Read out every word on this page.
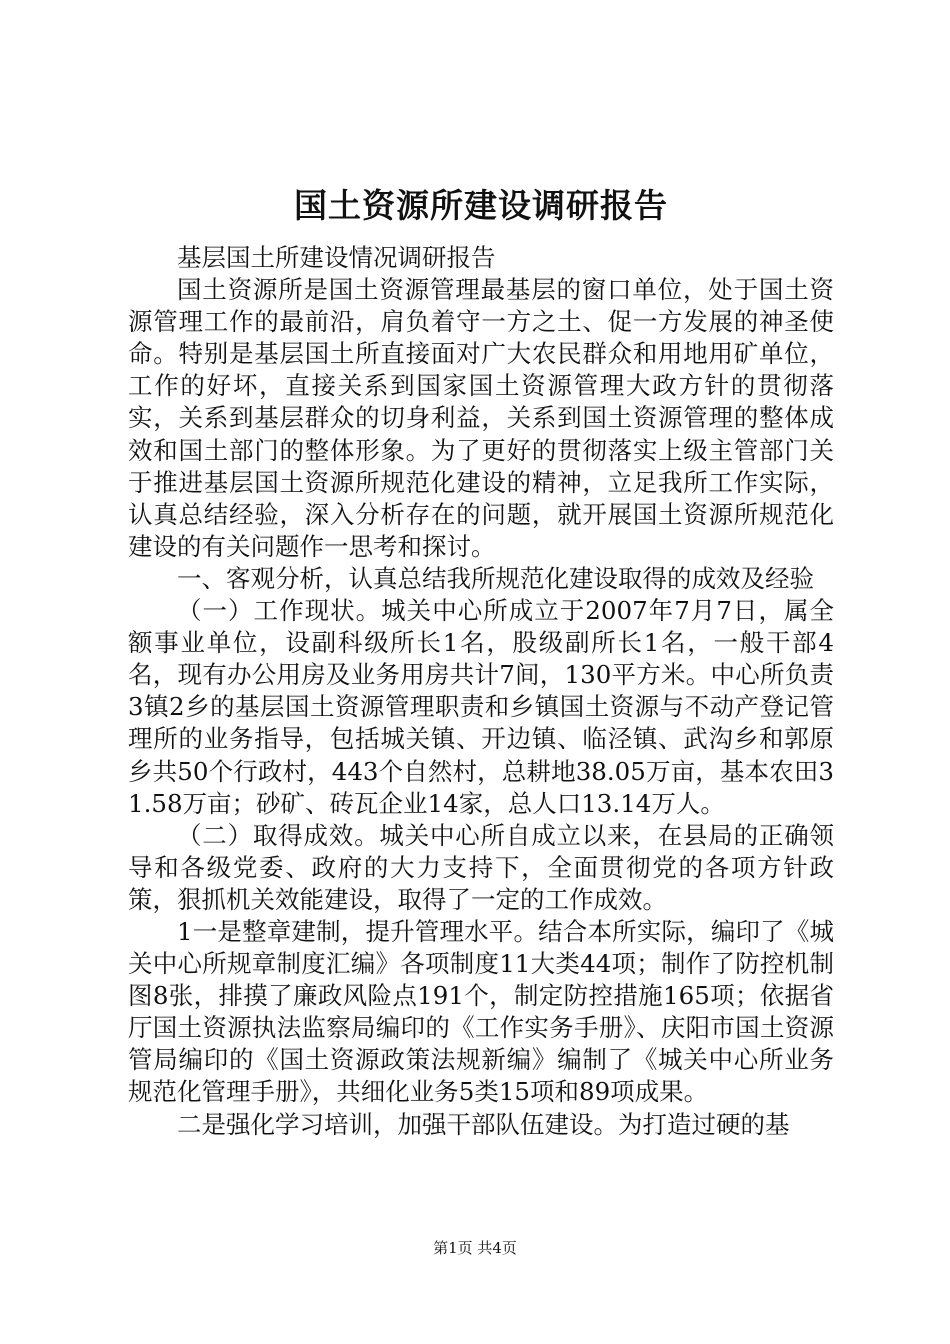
国土资源所建设调研报告

基层国土所建设情况调研报告

国土资源所是国土资源管理最基层的窗口单位，处于国土资源管理工作的最前沿，肩负着守一方之土、促一方发展的神圣使命。特别是基层国土所直接面对广大农民群众和用地用矿单位，工作的好坏，直接关系到国家国土资源管理大政方针的贯彻落实，关系到基层群众的切身利益，关系到国土资源管理的整体成效和国土部门的整体形象。为了更好的贯彻落实上级主管部门关于推进基层国土资源所规范化建设的精神，立足我所工作实际，认真总结经验，深入分析存在的问题，就开展国土资源所规范化建设的有关问题作一思考和探讨。

一、客观分析，认真总结我所规范化建设取得的成效及经验

（一）工作现状。城关中心所成立于2007年7月7日，属全额事业单位，设副科级所长1名，股级副所长1名，一般干部4名，现有办公用房及业务用房共计7间，130平方米。中心所负责3镇2乡的基层国土资源管理职责和乡镇国土资源与不动产登记管理所的业务指导，包括城关镇、开边镇、临泾镇、武沟乡和郭原乡共50个行政村，443个自然村，总耕地38.05万亩，基本农田31.58万亩；砂矿、砖瓦企业14家，总人口13.14万人。

（二）取得成效。城关中心所自成立以来，在县局的正确领导和各级党委、政府的大力支持下，全面贯彻党的各项方针政策，狠抓机关效能建设，取得了一定的工作成效。

1一是整章建制，提升管理水平。结合本所实际，编印了《城关中心所规章制度汇编》各项制度11大类44项；制作了防控机制图8张，排摸了廉政风险点191个，制定防控措施165项；依据省厅国土资源执法监察局编印的《工作实务手册》、庆阳市国土资源管局编印的《国土资源政策法规新编》编制了《城关中心所业务规范化管理手册》，共细化业务5类15项和89项成果。

二是强化学习培训，加强干部队伍建设。为打造过硬的基

第1页 共4页
